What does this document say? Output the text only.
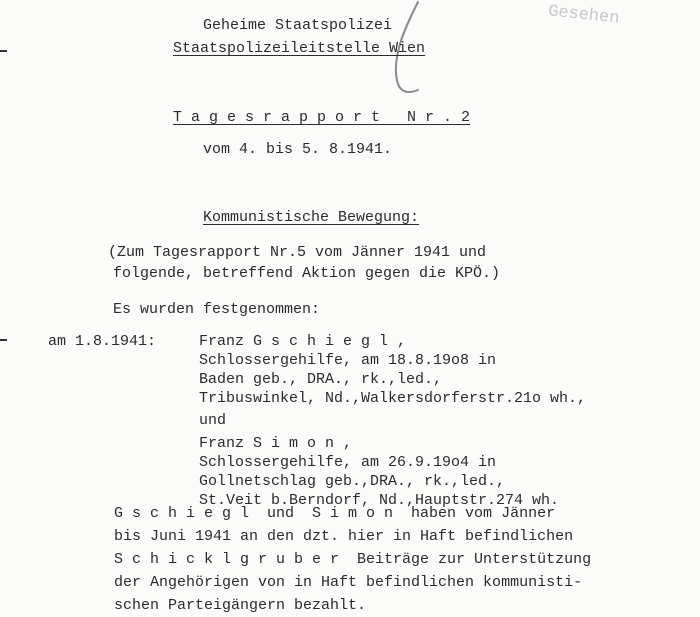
Gesehen

Geheime Staatspolizei

Staatspolizeileitstelle Wien

T a g e s r a p p o r t   N r . 2

vom 4. bis 5. 8.1941.

Kommunistische Bewegung:

(Zum Tagesrapport Nr.5 vom Jänner 1941 und

folgende, betreffend Aktion gegen die KPÖ.)

Es wurden festgenommen:

am 1.8.1941:

	Franz G s c h i e g l ,

Schlossergehilfe, am 18.8.19o8 in

Baden geb., DRA., rk.,led.,

Tribuswinkel, Nd.,Walkersdorferstr.21o wh.,

und

Franz S i m o n ,

Schlossergehilfe, am 26.9.19o4 in

Gollnetschlag geb.,DRA., rk.,led.,

St.Veit b.Berndorf, Nd.,Hauptstr.274 wh.

G s c h i e g l  und  S i m o n  haben vom Jänner

bis Juni 1941 an den dzt. hier in Haft befindlichen

S c h i c k l g r u b e r  Beiträge zur Unterstützung

der Angehörigen von in Haft befindlichen kommunisti-

schen Parteigängern bezahlt.
